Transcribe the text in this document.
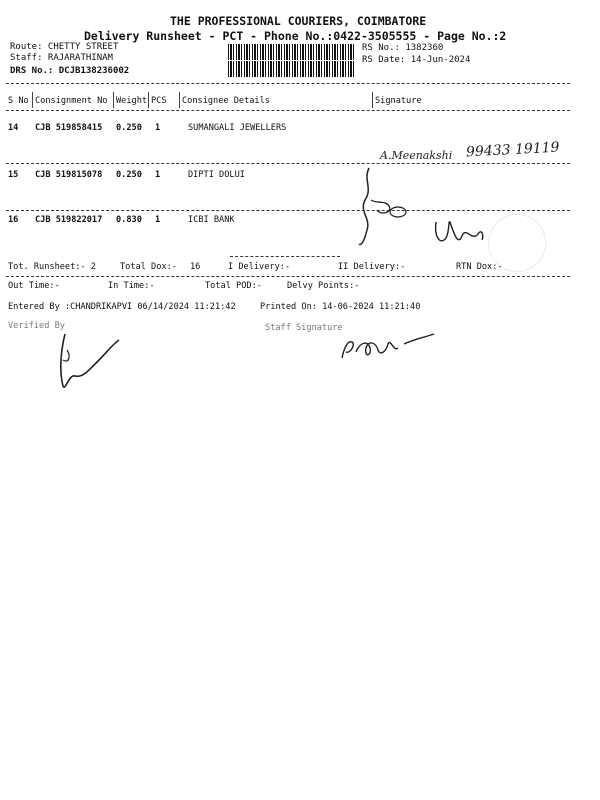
THE PROFESSIONAL COURIERS, COIMBATORE
Delivery Runsheet - PCT - Phone No.:0422-3505555 - Page No.:2
Route: CHETTY STREET
Staff: RAJARATHINAM
DRS No.: DCJB138236002
RS No.: 1382360
RS Date: 14-Jun-2024
S No Consignment No Weight PCS Consignee Details	Signature
14 CJB 519858415 0.250 1	SUMANGALI JEWELLERS
A.Meenakshi 99433 19119
15 CJB 519815078 0.250 1	DIPTI DOLUI
16 CJB 519822017 0.830 1	ICBI BANK
Tot. Runsheet:- 2	Total Dox:- 16	I Delivery:-	II Delivery:-	RTN Dox:-
Out Time:-	In Time:-	Total POD:-	Delvy Points:-
Entered By :CHANDRIKAPVI 06/14/2024 11:21:42	Printed On: 14-06-2024 11:21:40
Verified By	Staff Signature
